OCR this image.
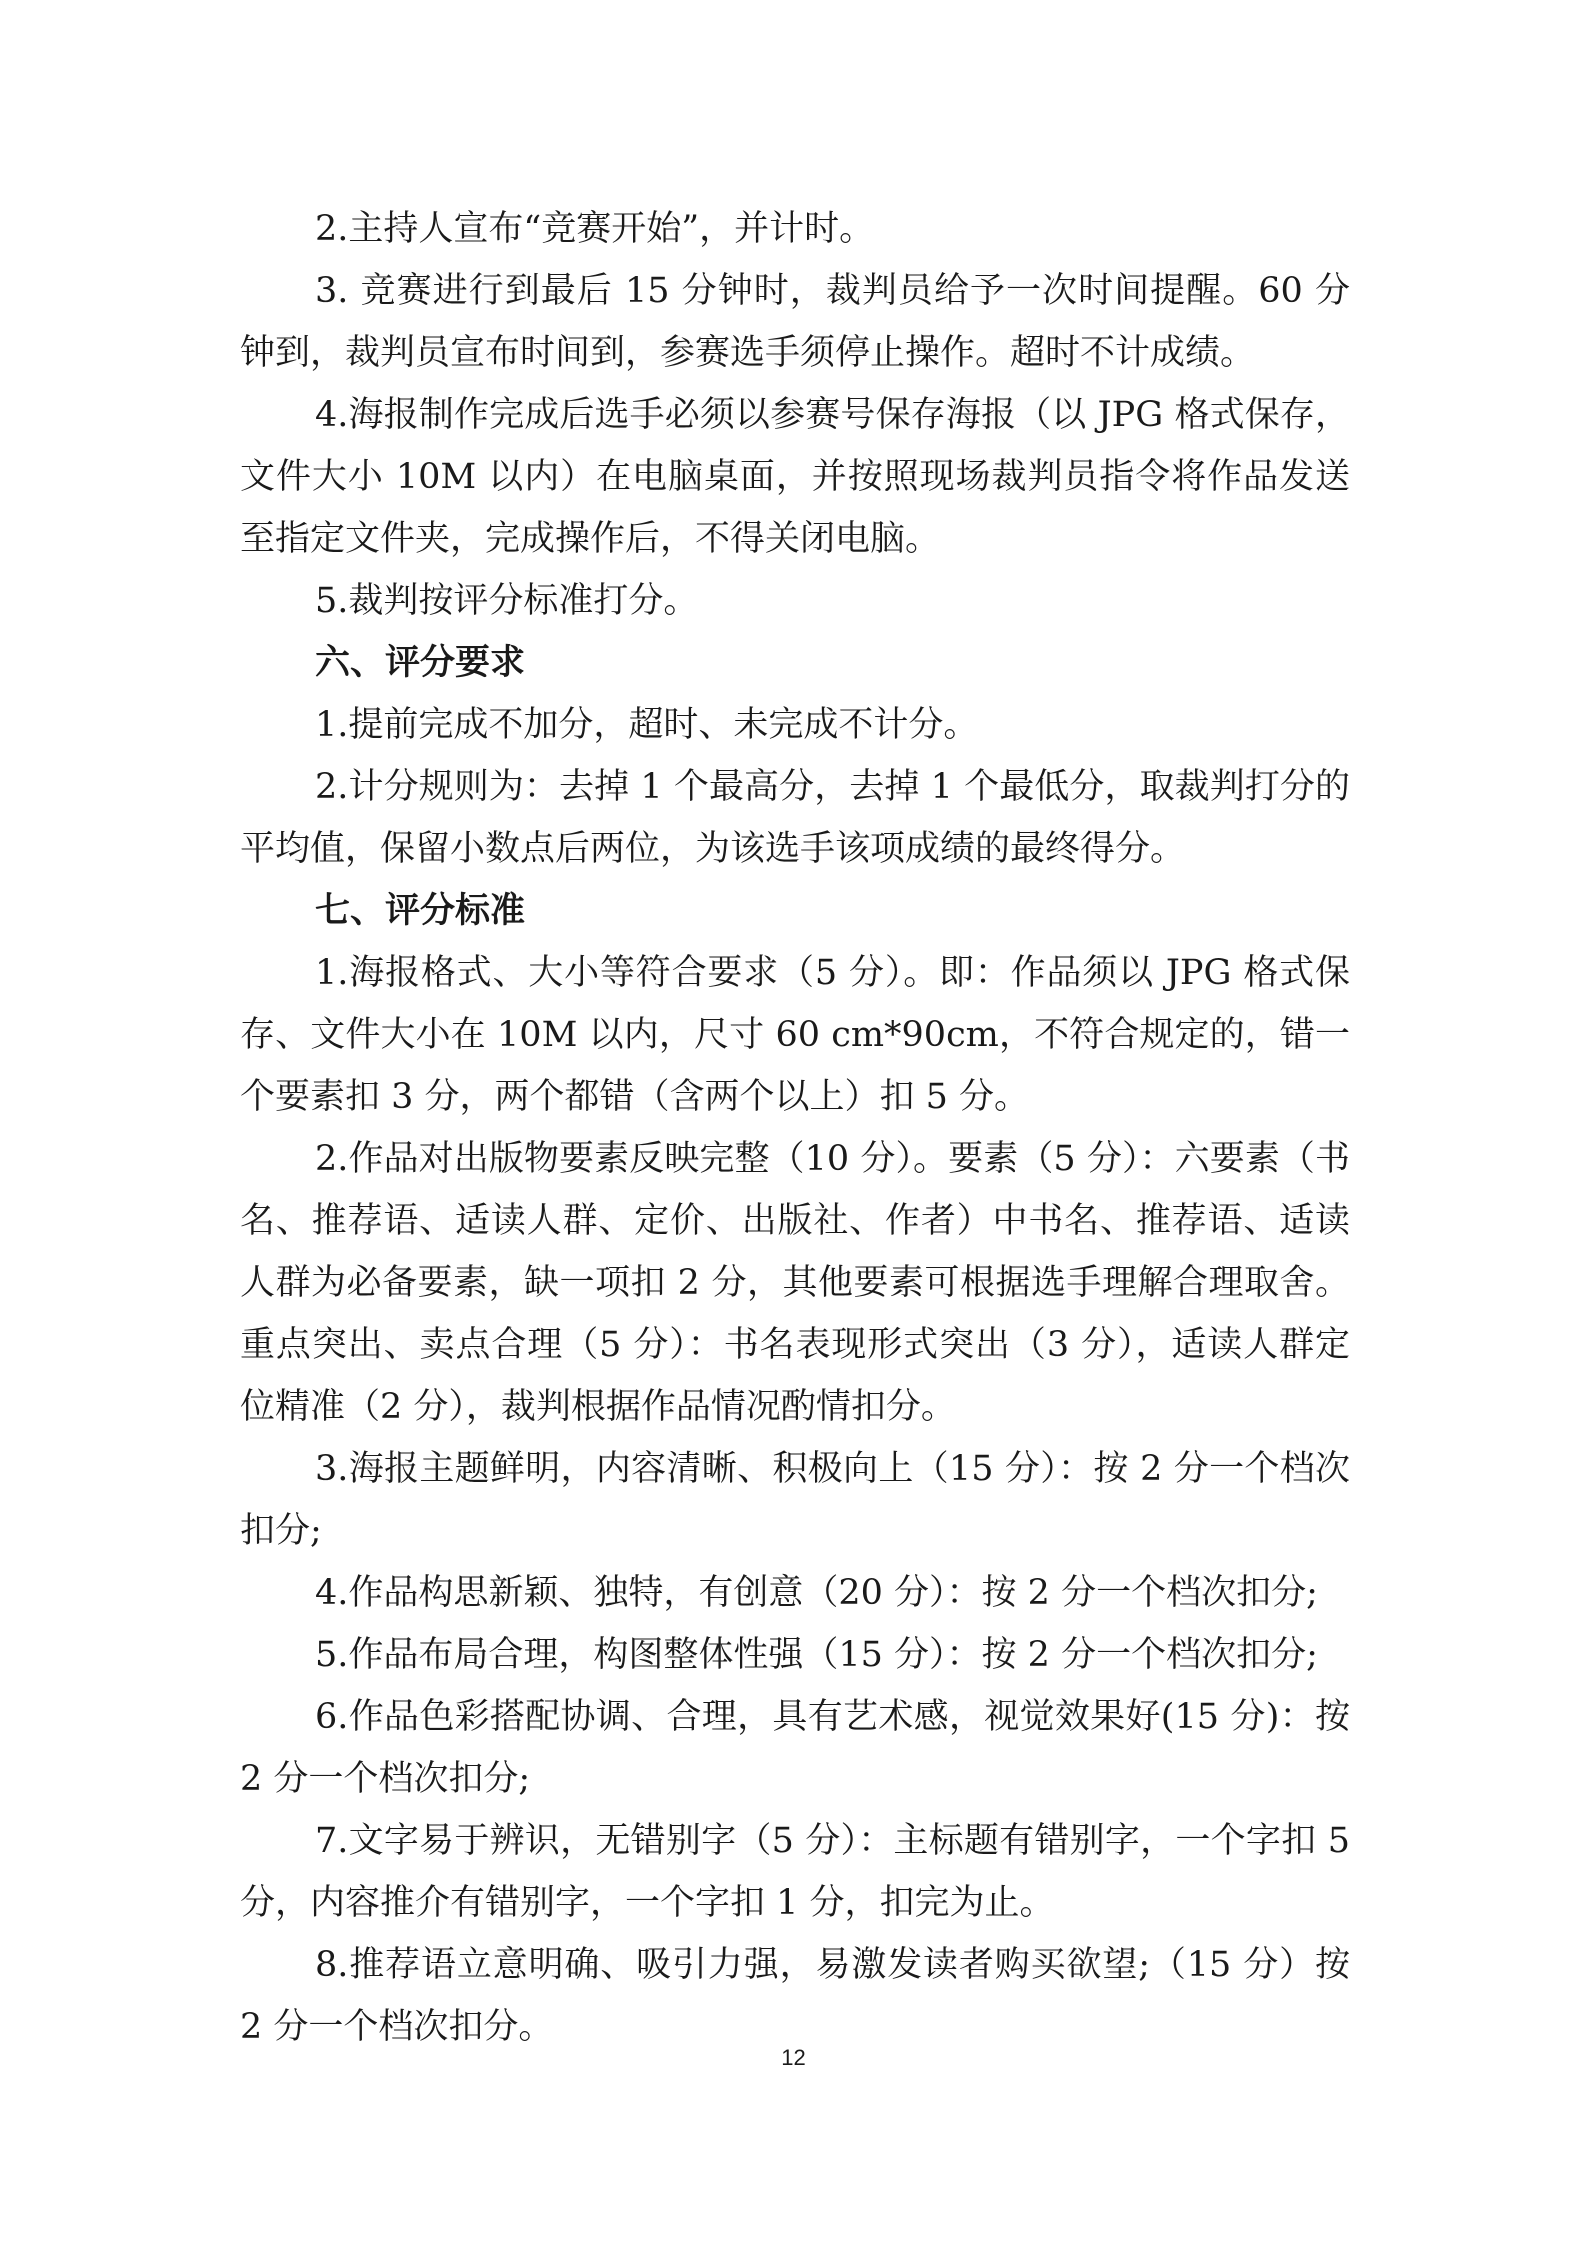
2.主持人宣布“竞赛开始”，并计时。

3. 竞赛进行到最后 15 分钟时，裁判员给予一次时间提醒。60 分钟到，裁判员宣布时间到，参赛选手须停止操作。超时不计成绩。

4.海报制作完成后选手必须以参赛号保存海报（以 JPG 格式保存，文件大小 10M 以内）在电脑桌面，并按照现场裁判员指令将作品发送至指定文件夹，完成操作后，不得关闭电脑。

5.裁判按评分标准打分。

六、评分要求

1.提前完成不加分，超时、未完成不计分。

2.计分规则为：去掉 1 个最高分，去掉 1 个最低分，取裁判打分的平均值，保留小数点后两位，为该选手该项成绩的最终得分。

七、评分标准

1.海报格式、大小等符合要求（5 分）。即：作品须以 JPG 格式保存、文件大小在 10M 以内，尺寸 60 cm*90cm，不符合规定的，错一个要素扣 3 分，两个都错（含两个以上）扣 5 分。

2.作品对出版物要素反映完整（10 分）。要素（5 分）：六要素（书名、推荐语、适读人群、定价、出版社、作者）中书名、推荐语、适读人群为必备要素，缺一项扣 2 分，其他要素可根据选手理解合理取舍。重点突出、卖点合理（5 分）：书名表现形式突出（3 分），适读人群定位精准（2 分），裁判根据作品情况酌情扣分。

3.海报主题鲜明，内容清晰、积极向上（15 分）：按 2 分一个档次扣分;

4.作品构思新颖、独特，有创意（20 分）：按 2 分一个档次扣分;

5.作品布局合理，构图整体性强（15 分）：按 2 分一个档次扣分;

6.作品色彩搭配协调、合理，具有艺术感，视觉效果好(15 分)：按 2 分一个档次扣分;

7.文字易于辨识，无错别字（5 分）：主标题有错别字，一个字扣 5 分，内容推介有错别字，一个字扣 1 分，扣完为止。

8.推荐语立意明确、吸引力强，易激发读者购买欲望;（15 分）按 2 分一个档次扣分。

12
